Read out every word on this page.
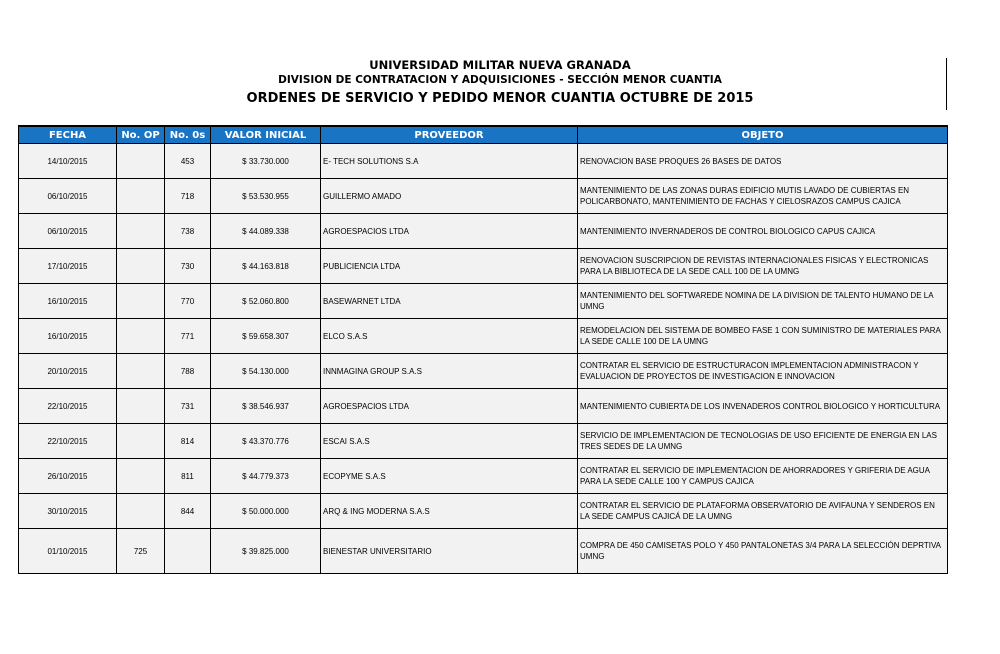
UNIVERSIDAD MILITAR NUEVA GRANADA
DIVISION DE CONTRATACION Y ADQUISICIONES - SECCIÓN MENOR CUANTIA
ORDENES DE SERVICIO Y PEDIDO MENOR CUANTIA OCTUBRE DE 2015
FECHA	No. OP	No. 0s	VALOR INICIAL	PROVEEDOR	OBJETO
14/10/2015		453	$ 33.730.000	E- TECH SOLUTIONS S.A	RENOVACION BASE PROQUES 26 BASES DE DATOS
06/10/2015		718	$ 53.530.955	GUILLERMO AMADO	MANTENIMIENTO DE LAS ZONAS DURAS EDIFICIO MUTIS LAVADO DE CUBIERTAS EN POLICARBONATO, MANTENIMIENTO DE FACHAS Y CIELOSRAZOS CAMPUS CAJICA
06/10/2015		738	$ 44.089.338	AGROESPACIOS LTDA	MANTENIMIENTO INVERNADEROS DE CONTROL BIOLOGICO CAPUS CAJICA
17/10/2015		730	$ 44.163.818	PUBLICIENCIA LTDA	RENOVACION SUSCRIPCION DE REVISTAS INTERNACIONALES FISICAS Y ELECTRONICAS PARA LA BIBLIOTECA DE LA SEDE CALL 100 DE LA UMNG
16/10/2015		770	$ 52.060.800	BASEWARNET LTDA	MANTENIMIENTO DEL SOFTWAREDE NOMINA DE LA DIVISION DE TALENTO HUMANO DE LA UMNG
16/10/2015		771	$ 59.658.307	ELCO S.A.S	REMODELACION DEL SISTEMA DE BOMBEO FASE 1 CON SUMINISTRO DE MATERIALES PARA LA SEDE CALLE 100 DE LA UMNG
20/10/2015		788	$ 54.130.000	INNMAGINA GROUP S.A.S	CONTRATAR EL SERVICIO DE ESTRUCTURACON IMPLEMENTACION ADMINISTRACON Y EVALUACION DE PROYECTOS DE INVESTIGACION E INNOVACION
22/10/2015		731	$ 38.546.937	AGROESPACIOS LTDA	MANTENIMIENTO CUBIERTA DE LOS INVENADEROS CONTROL BIOLOGICO Y HORTICULTURA
22/10/2015		814	$ 43.370.776	ESCAI S.A.S	SERVICIO DE IMPLEMENTACION DE TECNOLOGIAS DE USO EFICIENTE DE ENERGIA EN LAS TRES SEDES DE LA UMNG
26/10/2015		811	$ 44.779.373	ECOPYME S.A.S	CONTRATAR EL SERVICIO DE IMPLEMENTACION DE AHORRADORES Y GRIFERIA DE AGUA PARA LA SEDE CALLE 100 Y CAMPUS CAJICA
30/10/2015		844	$ 50.000.000	ARQ & ING MODERNA S.A.S	CONTRATAR EL SERVICIO DE PLATAFORMA OBSERVATORIO DE AVIFAUNA Y SENDEROS EN LA SEDE CAMPUS CAJICÁ DE LA UMNG
01/10/2015	725		$ 39.825.000	BIENESTAR UNIVERSITARIO	COMPRA DE 450 CAMISETAS POLO Y 450 PANTALONETAS 3/4 PARA LA SELECCIÓN DEPRTIVA UMNG
